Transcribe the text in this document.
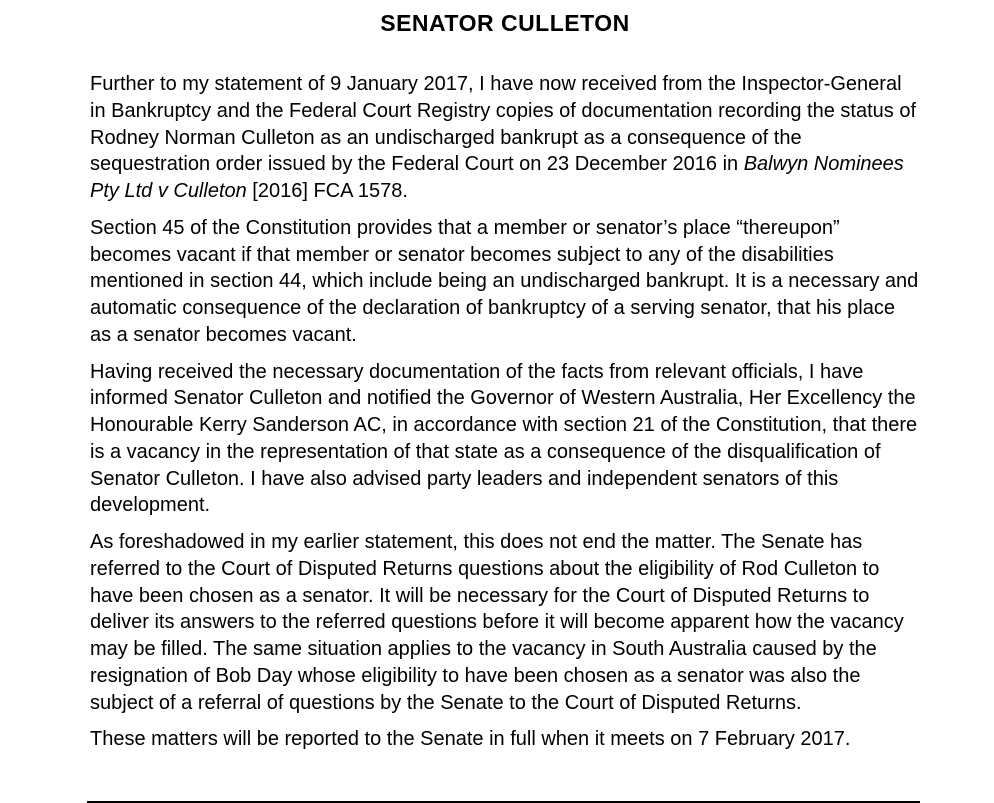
SENATOR CULLETON

Further to my statement of 9 January 2017, I have now received from the Inspector-General in Bankruptcy and the Federal Court Registry copies of documentation recording the status of Rodney Norman Culleton as an undischarged bankrupt as a consequence of the sequestration order issued by the Federal Court on 23 December 2016 in Balwyn Nominees Pty Ltd v Culleton [2016] FCA 1578.

Section 45 of the Constitution provides that a member or senator’s place “thereupon” becomes vacant if that member or senator becomes subject to any of the disabilities mentioned in section 44, which include being an undischarged bankrupt. It is a necessary and automatic consequence of the declaration of bankruptcy of a serving senator, that his place as a senator becomes vacant.

Having received the necessary documentation of the facts from relevant officials, I have informed Senator Culleton and notified the Governor of Western Australia, Her Excellency the Honourable Kerry Sanderson AC, in accordance with section 21 of the Constitution, that there is a vacancy in the representation of that state as a consequence of the disqualification of Senator Culleton. I have also advised party leaders and independent senators of this development.

As foreshadowed in my earlier statement, this does not end the matter. The Senate has referred to the Court of Disputed Returns questions about the eligibility of Rod Culleton to have been chosen as a senator. It will be necessary for the Court of Disputed Returns to deliver its answers to the referred questions before it will become apparent how the vacancy may be filled. The same situation applies to the vacancy in South Australia caused by the resignation of Bob Day whose eligibility to have been chosen as a senator was also the subject of a referral of questions by the Senate to the Court of Disputed Returns.

These matters will be reported to the Senate in full when it meets on 7 February 2017.
